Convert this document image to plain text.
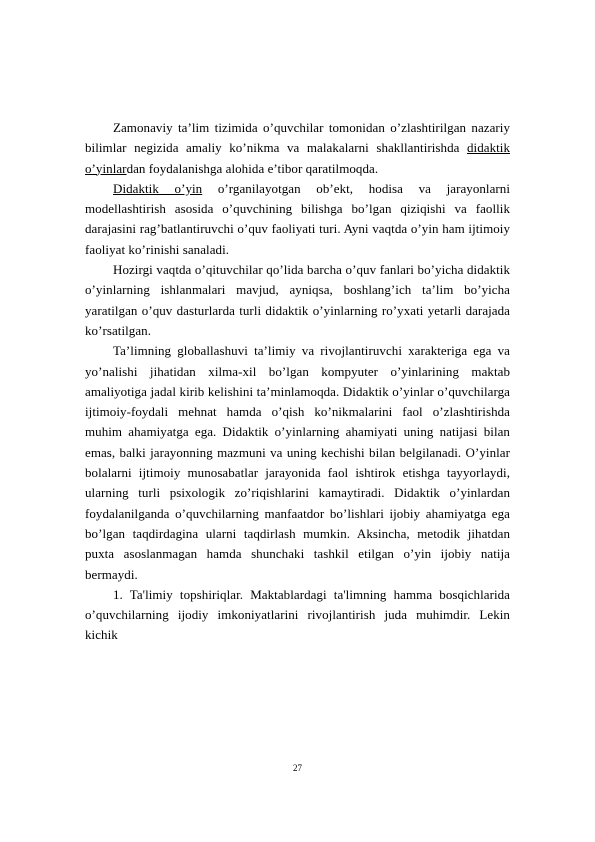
Zamonaviy ta’lim tizimida o’quvchilar tomonidan o’zlashtirilgan nazariy bilimlar negizida amaliy ko’nikma va malakalarni shakllantirishda didaktik o’yinlardan foydalanishga alohida e’tibor qaratilmoqda.

Didaktik o’yin o’rganilayotgan ob’ekt, hodisa va jarayonlarni modellashtirish asosida o’quvchining bilishga bo’lgan qiziqishi va faollik darajasini rag’batlantiruvchi o’quv faoliyati turi. Ayni vaqtda o’yin ham ijtimoiy faoliyat ko’rinishi sanaladi.

Hozirgi vaqtda o’qituvchilar qo’lida barcha o’quv fanlari bo’yicha didaktik o’yinlarning ishlanmalari mavjud, ayniqsa, boshlang’ich ta’lim bo’yicha yaratilgan o’quv dasturlarda turli didaktik o’yinlarning ro’yxati yetarli darajada ko’rsatilgan.

Ta’limning globallashuvi ta’limiy va rivojlantiruvchi xarakteriga ega va yo’nalishi jihatidan xilma-xil bo’lgan kompyuter o’yinlarining maktab amaliyotiga jadal kirib kelishini ta’minlamoqda. Didaktik o’yinlar o’quvchilarga ijtimoiy-foydali mehnat hamda o’qish ko’nikmalarini faol o’zlashtirishda muhim ahamiyatga ega. Didaktik o’yinlarning ahamiyati uning natijasi bilan emas, balki jarayonning mazmuni va uning kechishi bilan belgilanadi. O’yinlar bolalarni ijtimoiy munosabatlar jarayonida faol ishtirok etishga tayyorlaydi, ularning turli psixologik zo’riqishlarini kamaytiradi. Didaktik o’yinlardan foydalanilganda o’quvchilarning manfaatdor bo’lishlari ijobiy ahamiyatga ega bo’lgan taqdirdagina ularni taqdirlash mumkin. Aksincha, metodik jihatdan puxta asoslanmagan hamda shunchaki tashkil etilgan o’yin ijobiy natija bermaydi.

1. Ta'limiy topshiriqlar. Maktablardagi ta'limning hamma bosqichlarida o’quvchilarning ijodiy imkoniyatlarini rivojlantirish juda muhimdir. Lekin kichik

27
